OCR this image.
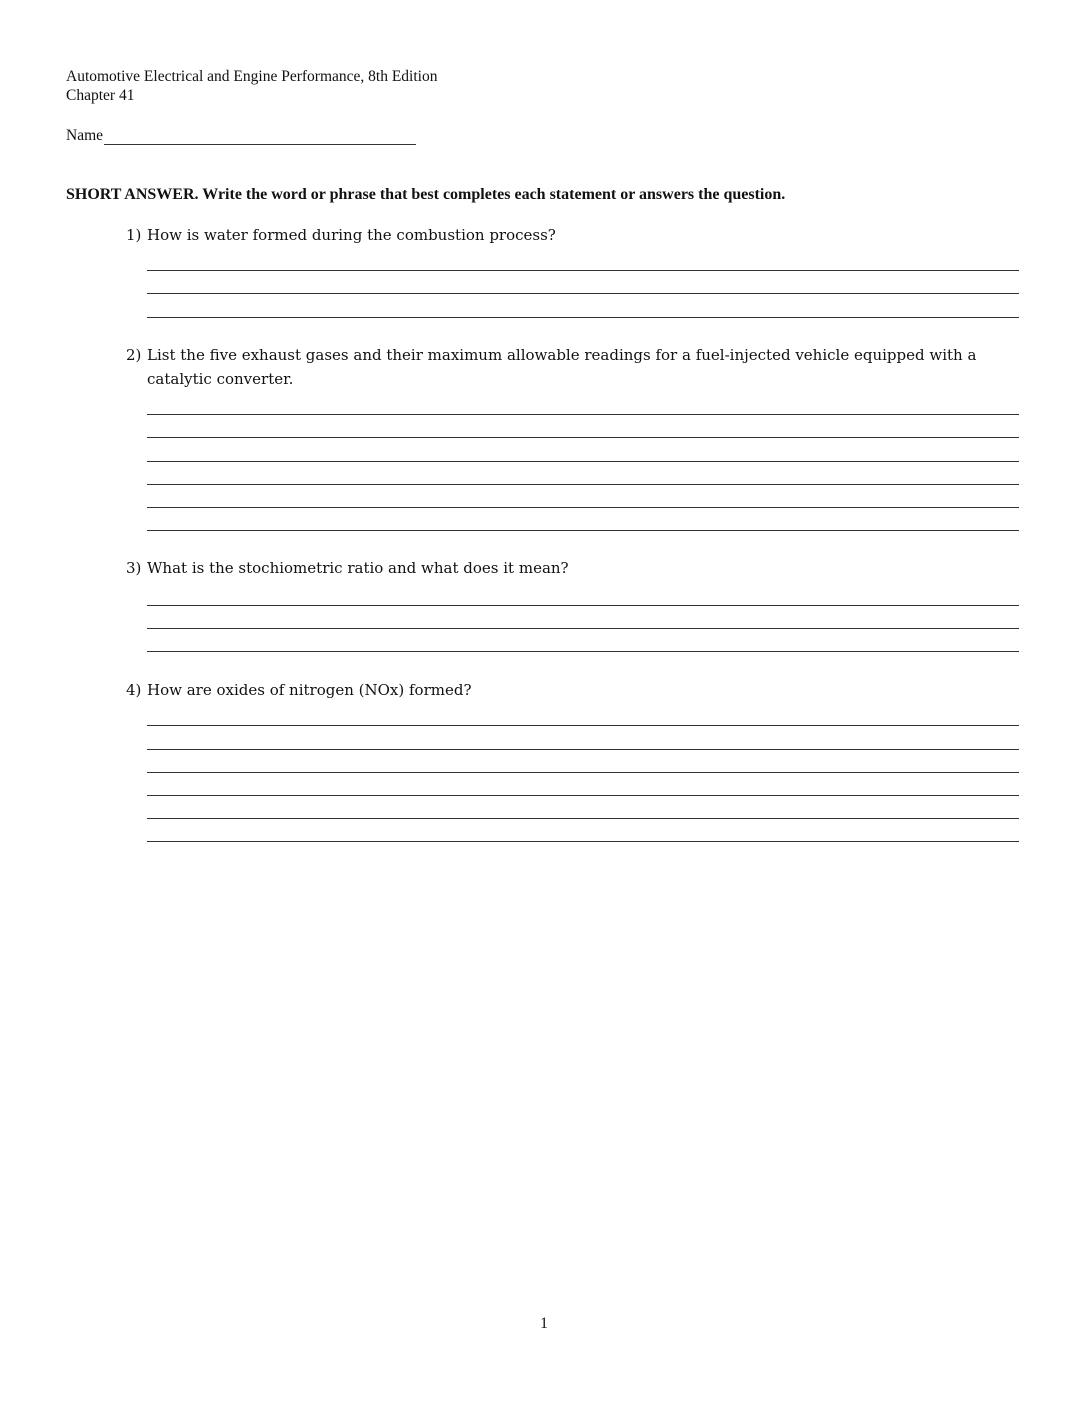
Automotive Electrical and Engine Performance, 8th Edition
Chapter 41
Name
SHORT ANSWER. Write the word or phrase that best completes each statement or answers the question.
1) How is water formed during the combustion process?
2) List the five exhaust gases and their maximum allowable readings for a fuel-injected vehicle equipped with a catalytic converter.
3) What is the stochiometric ratio and what does it mean?
4) How are oxides of nitrogen (NOx) formed?
1
